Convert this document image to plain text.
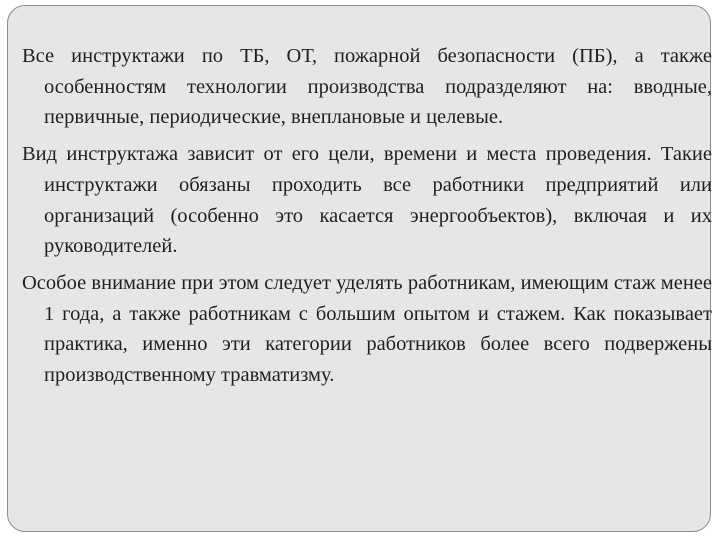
Все инструктажи по ТБ, ОТ, пожарной безопасности (ПБ), а также особенностям технологии производства подразделяют на: вводные, первичные, периодические, внеплановые и целевые.

Вид инструктажа зависит от его цели, времени и места проведения. Такие инструктажи обязаны проходить все работники предприятий или организаций (особенно это касается энергообъектов), включая и их руководителей.

Особое внимание при этом следует уделять работникам, имеющим стаж менее 1 года, а также работникам с большим опытом и стажем. Как показывает практика, именно эти категории работников более всего подвержены производственному травматизму.
